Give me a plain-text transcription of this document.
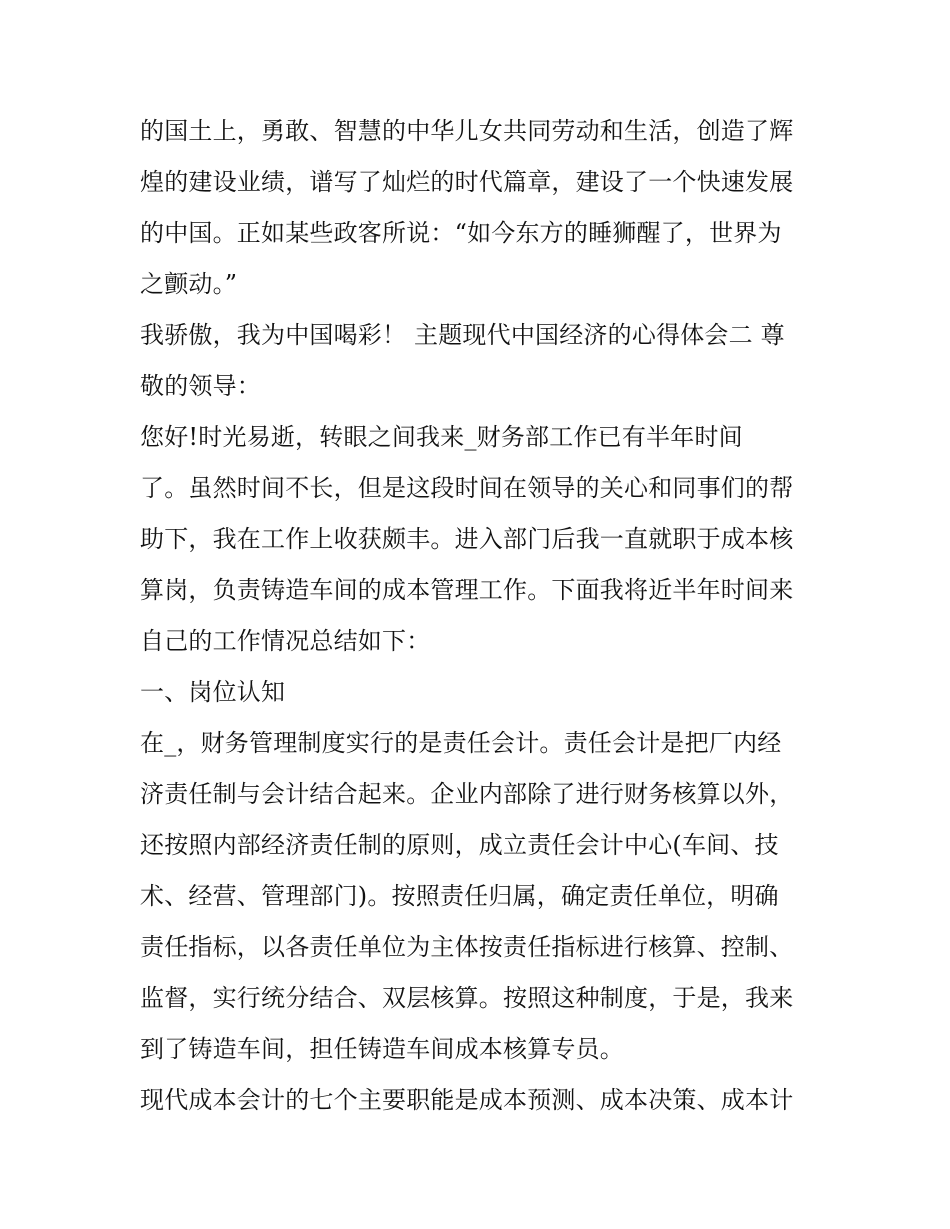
的国土上，勇敢、智慧的中华儿女共同劳动和生活，创造了辉
煌的建设业绩，谱写了灿烂的时代篇章，建设了一个快速发展
的中国。正如某些政客所说：“如今东方的睡狮醒了，世界为
之颤动。”
我骄傲，我为中国喝彩！ 主题现代中国经济的心得体会二 尊
敬的领导：
您好!时光易逝，转眼之间我来_财务部工作已有半年时间
了。虽然时间不长，但是这段时间在领导的关心和同事们的帮
助下，我在工作上收获颇丰。进入部门后我一直就职于成本核
算岗，负责铸造车间的成本管理工作。下面我将近半年时间来
自己的工作情况总结如下：
一、岗位认知
在_，财务管理制度实行的是责任会计。责任会计是把厂内经
济责任制与会计结合起来。企业内部除了进行财务核算以外，
还按照内部经济责任制的原则，成立责任会计中心(车间、技
术、经营、管理部门)。按照责任归属，确定责任单位，明确
责任指标，以各责任单位为主体按责任指标进行核算、控制、
监督，实行统分结合、双层核算。按照这种制度，于是，我来
到了铸造车间，担任铸造车间成本核算专员。
现代成本会计的七个主要职能是成本预测、成本决策、成本计
